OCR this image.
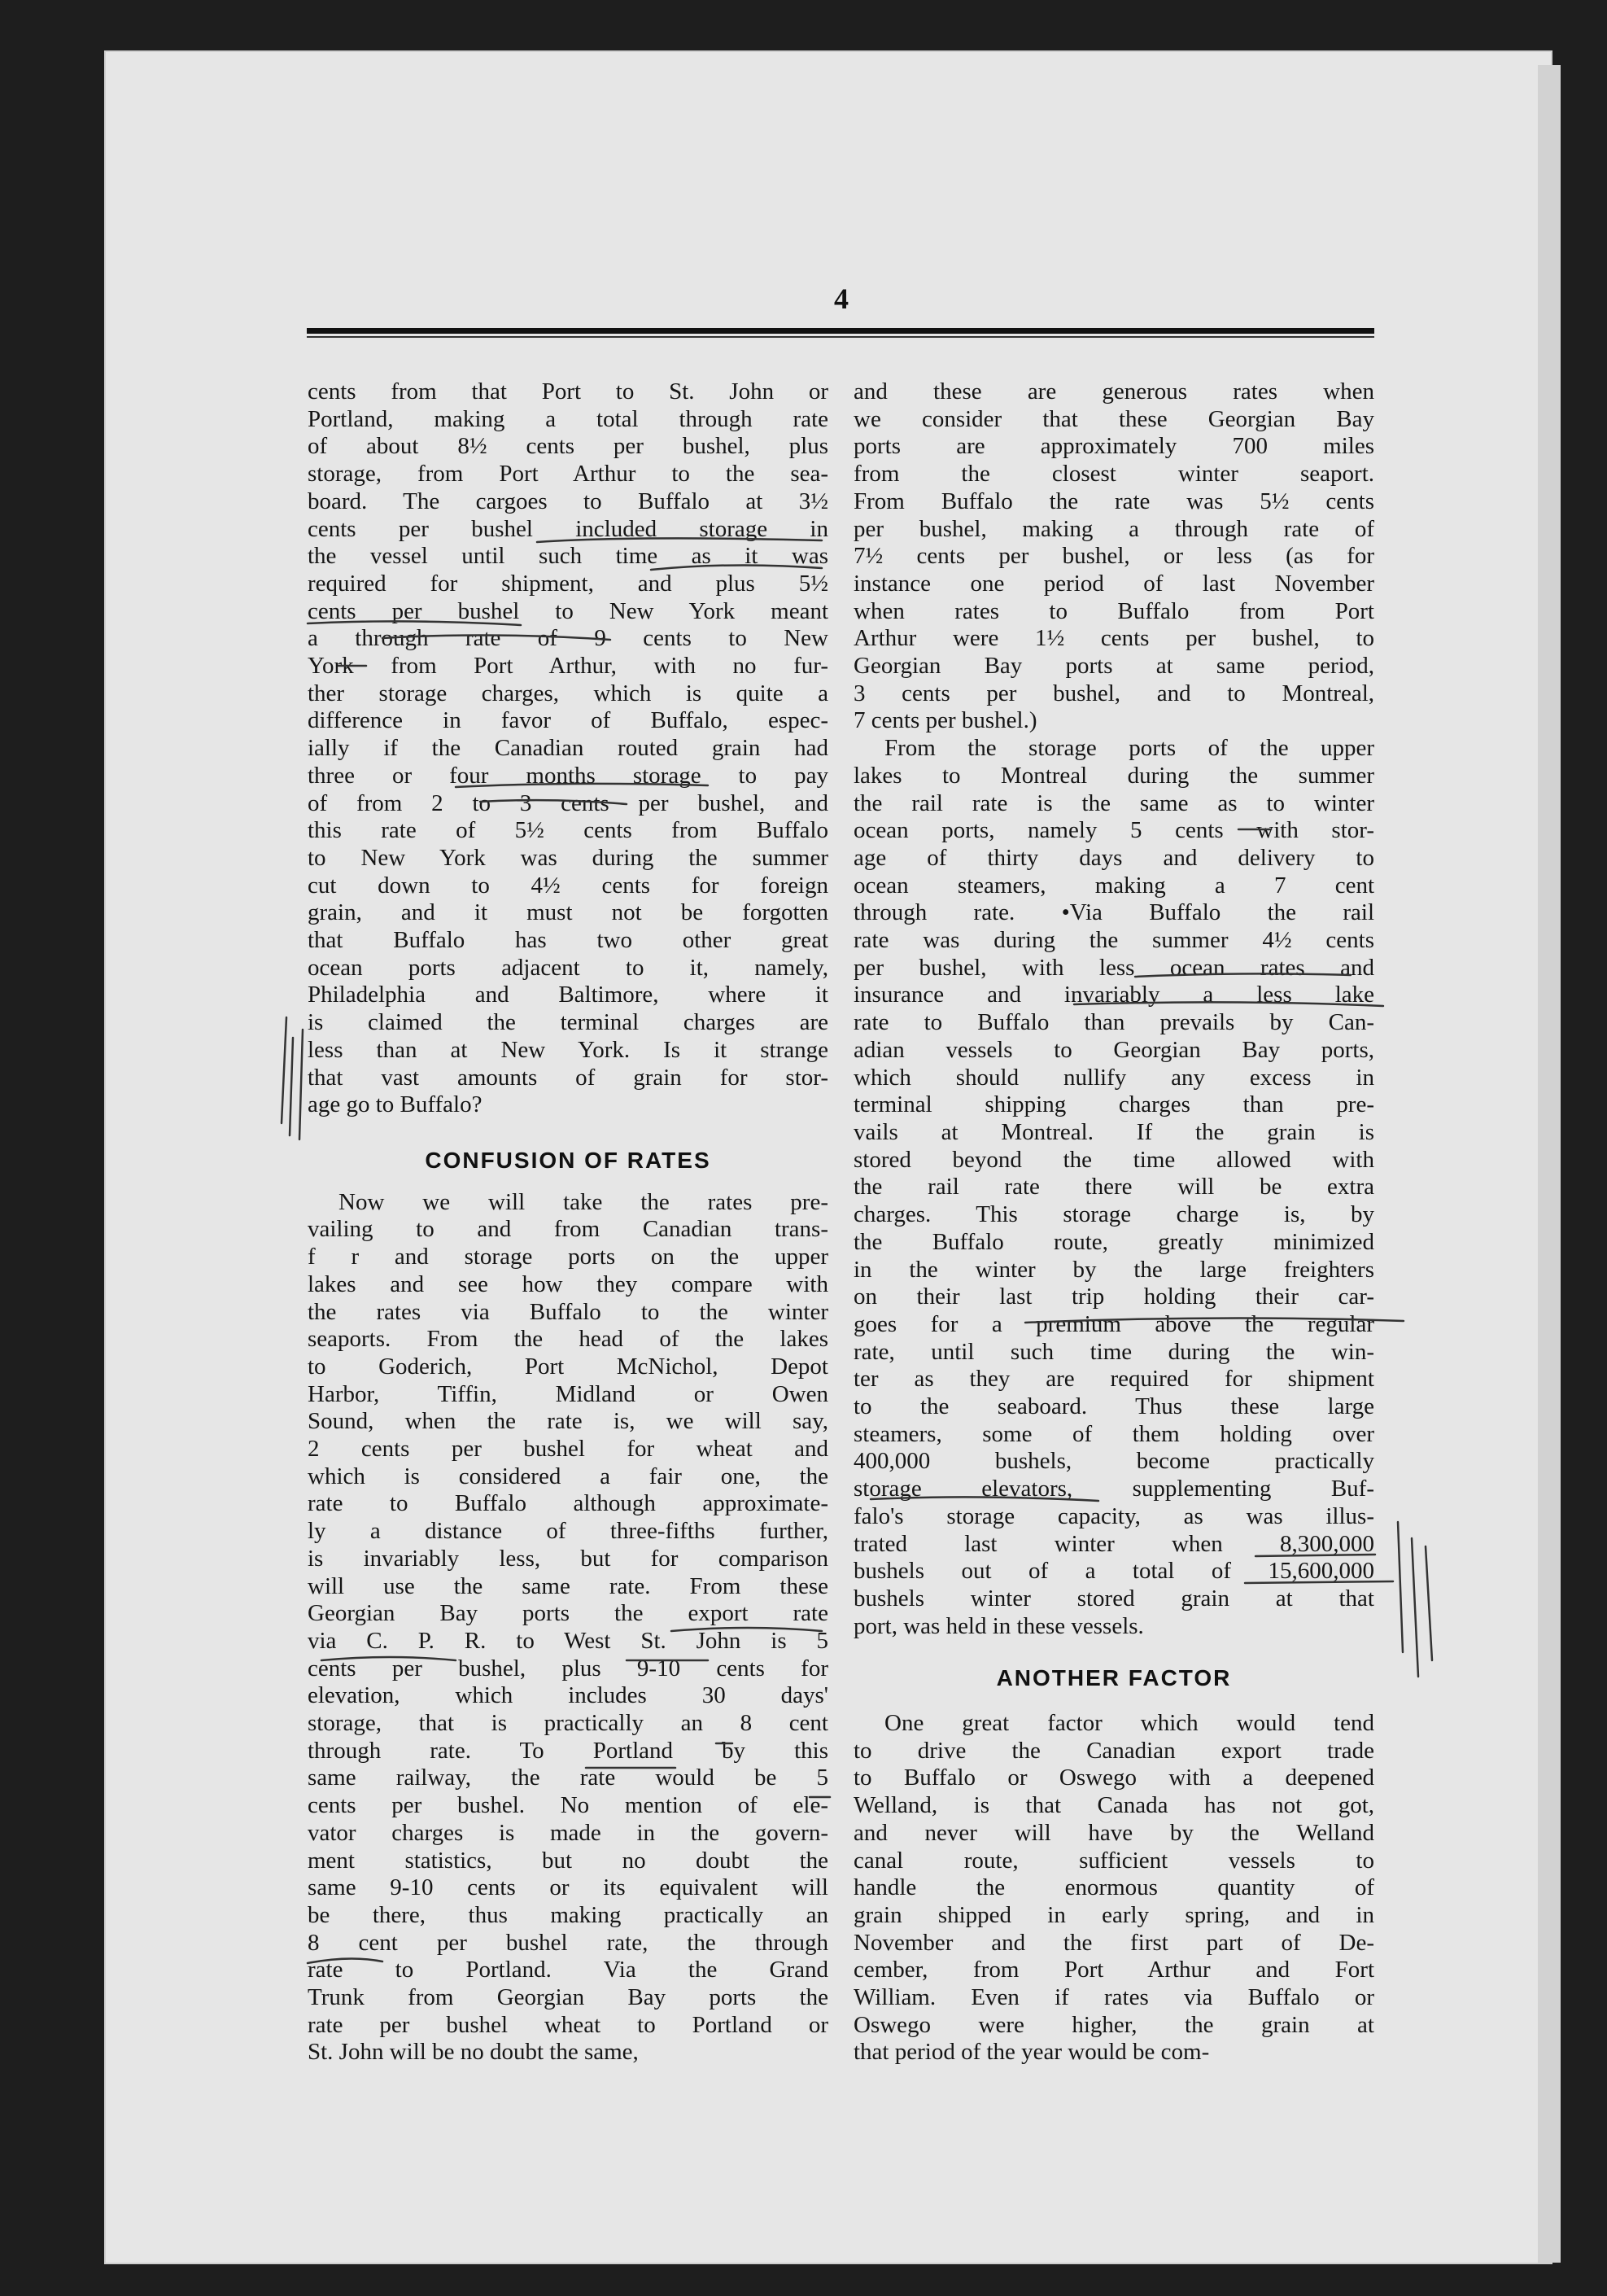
4

cents from that Port to St. John or
Portland, making a total through rate
of about 8½ cents per bushel, plus
storage, from Port Arthur to the sea-
board. The cargoes to Buffalo at 3½
cents per bushel included storage in
the vessel until such time as it was
required for shipment, and plus 5½
cents per bushel to New York meant
a through rate of 9 cents to New
York from Port Arthur, with no fur-
ther storage charges, which is quite a
difference in favor of Buffalo, espec-
ially if the Canadian routed grain had
three or four months storage to pay
of from 2 to 3 cents per bushel, and
this rate of 5½ cents from Buffalo
to New York was during the summer
cut down to 4½ cents for foreign
grain, and it must not be forgotten
that Buffalo has two other great
ocean ports adjacent to it, namely,
Philadelphia and Baltimore, where it
is claimed the terminal charges are
less than at New York. Is it strange
that vast amounts of grain for stor-
age go to Buffalo?

CONFUSION OF RATES

Now we will take the rates pre-
vailing to and from Canadian trans-
f r and storage ports on the upper
lakes and see how they compare with
the rates via Buffalo to the winter
seaports. From the head of the lakes
to Goderich, Port McNichol, Depot
Harbor, Tiffin, Midland or Owen
Sound, when the rate is, we will say,
2 cents per bushel for wheat and
which is considered a fair one, the
rate to Buffalo although approximate-
ly a distance of three-fifths further,
is invariably less, but for comparison
will use the same rate. From these
Georgian Bay ports the export rate
via C. P. R. to West St. John is 5
cents per bushel, plus 9-10 cents for
elevation, which includes 30 days'
storage, that is practically an 8 cent
through rate. To Portland by this
same railway, the rate would be 5
cents per bushel. No mention of ele-
vator charges is made in the govern-
ment statistics, but no doubt the
same 9-10 cents or its equivalent will
be there, thus making practically an
8 cent per bushel rate, the through
rate to Portland. Via the Grand
Trunk from Georgian Bay ports the
rate per bushel wheat to Portland or
St. John will be no doubt the same,

and these are generous rates when
we consider that these Georgian Bay
ports are approximately 700 miles
from the closest winter seaport.
From Buffalo the rate was 5½ cents
per bushel, making a through rate of
7½ cents per bushel, or less (as for
instance one period of last November
when rates to Buffalo from Port
Arthur were 1½ cents per bushel, to
Georgian Bay ports at same period,
3 cents per bushel, and to Montreal,
7 cents per bushel.)

From the storage ports of the upper
lakes to Montreal during the summer
the rail rate is the same as to winter
ocean ports, namely 5 cents with stor-
age of thirty days and delivery to
ocean steamers, making a 7 cent
through rate. •Via Buffalo the rail
rate was during the summer 4½ cents
per bushel, with less ocean rates and
insurance and invariably a less lake
rate to Buffalo than prevails by Can-
adian vessels to Georgian Bay ports,
which should nullify any excess in
terminal shipping charges than pre-
vails at Montreal. If the grain is
stored beyond the time allowed with
the rail rate there will be extra
charges. This storage charge is, by
the Buffalo route, greatly minimized
in the winter by the large freighters
on their last trip holding their car-
goes for a premium above the regular
rate, until such time during the win-
ter as they are required for shipment
to the seaboard. Thus these large
steamers, some of them holding over
400,000 bushels, become practically
storage elevators, supplementing Buf-
falo's storage capacity, as was illus-
trated last winter when 8,300,000
bushels out of a total of 15,600,000
bushels winter stored grain at that
port, was held in these vessels.

ANOTHER FACTOR

One great factor which would tend
to drive the Canadian export trade
to Buffalo or Oswego with a deepened
Welland, is that Canada has not got,
and never will have by the Welland
canal route, sufficient vessels to
handle the enormous quantity of
grain shipped in early spring, and in
November and the first part of De-
cember, from Port Arthur and Fort
William. Even if rates via Buffalo or
Oswego were higher, the grain at
that period of the year would be com-
